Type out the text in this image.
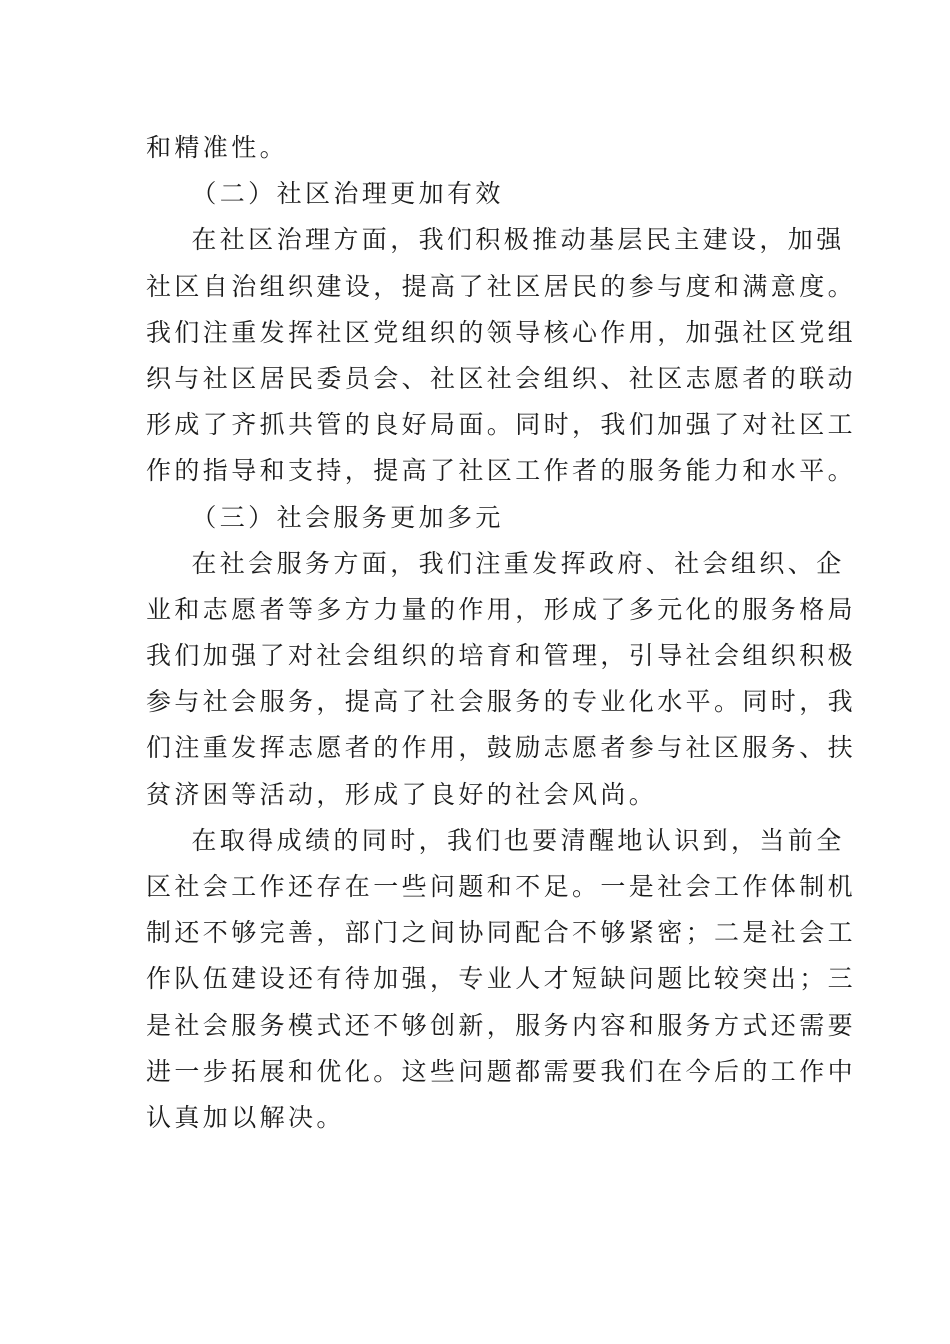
和精准性。
（二）社区治理更加有效
在社区治理方面，我们积极推动基层民主建设，加强
社区自治组织建设，提高了社区居民的参与度和满意度。
我们注重发挥社区党组织的领导核心作用，加强社区党组
织与社区居民委员会、社区社会组织、社区志愿者的联动
形成了齐抓共管的良好局面。同时，我们加强了对社区工
作的指导和支持，提高了社区工作者的服务能力和水平。
（三）社会服务更加多元
在社会服务方面，我们注重发挥政府、社会组织、企
业和志愿者等多方力量的作用，形成了多元化的服务格局
我们加强了对社会组织的培育和管理，引导社会组织积极
参与社会服务，提高了社会服务的专业化水平。同时，我
们注重发挥志愿者的作用，鼓励志愿者参与社区服务、扶
贫济困等活动，形成了良好的社会风尚。
在取得成绩的同时，我们也要清醒地认识到，当前全
区社会工作还存在一些问题和不足。一是社会工作体制机
制还不够完善，部门之间协同配合不够紧密；二是社会工
作队伍建设还有待加强，专业人才短缺问题比较突出；三
是社会服务模式还不够创新，服务内容和服务方式还需要
进一步拓展和优化。这些问题都需要我们在今后的工作中
认真加以解决。
